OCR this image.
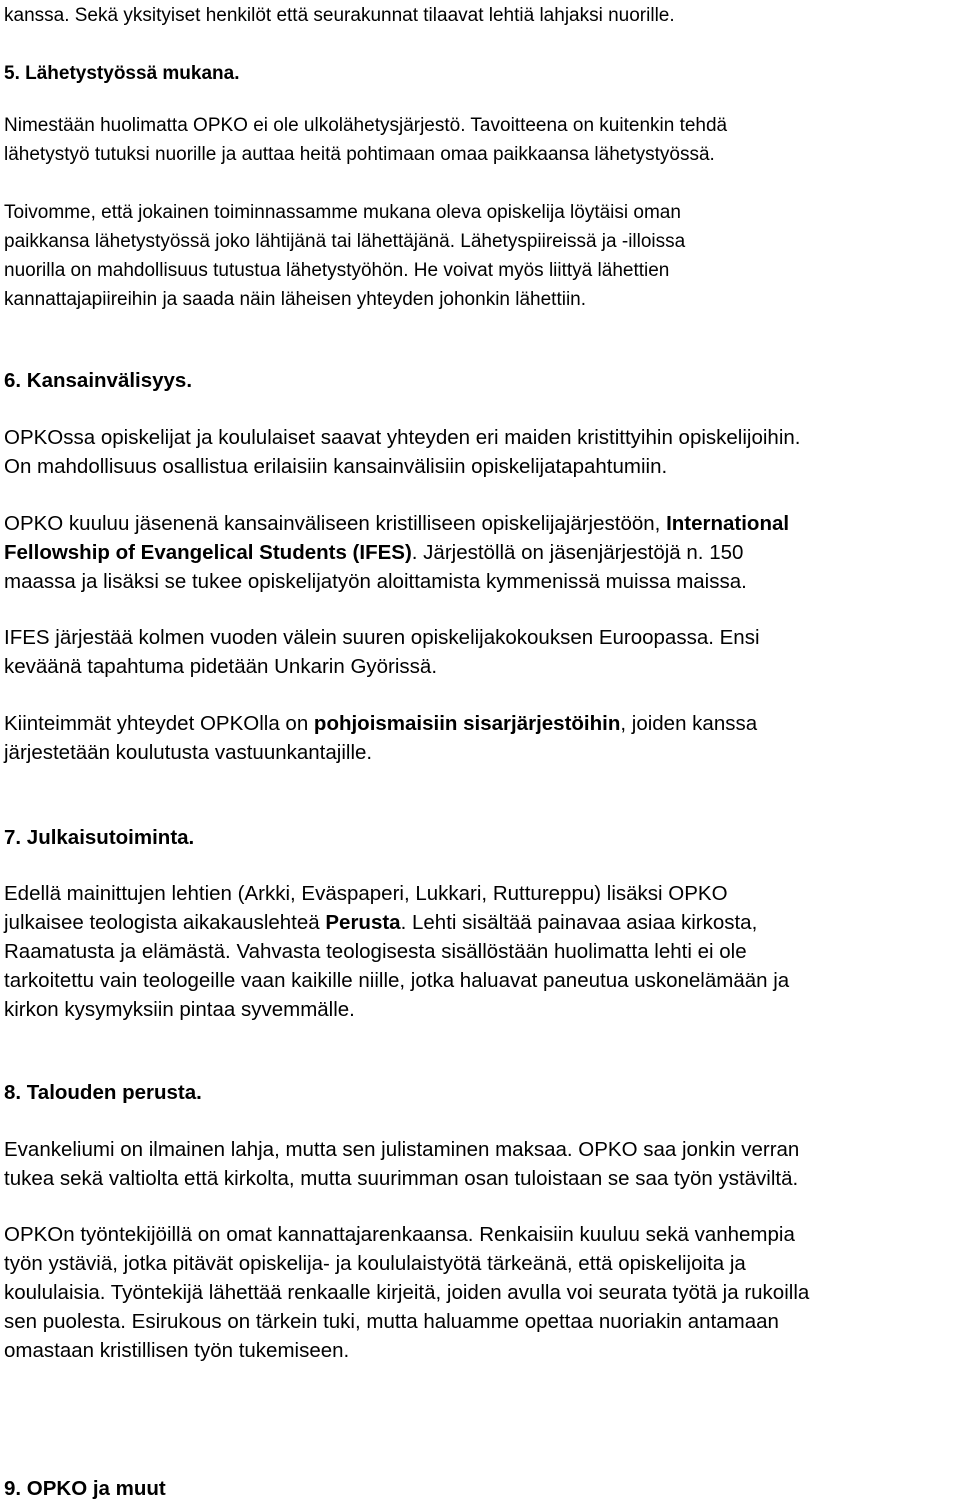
kanssa. Sekä yksityiset henkilöt että seurakunnat tilaavat lehtiä lahjaksi nuorille.

5. Lähetystyössä mukana.

Nimestään huolimatta OPKO ei ole ulkolähetysjärjestö. Tavoitteena on kuitenkin tehdä
lähetystyö tutuksi nuorille ja auttaa heitä pohtimaan omaa paikkaansa lähetystyössä.

Toivomme, että jokainen toiminnassamme mukana oleva opiskelija löytäisi oman
paikkansa lähetystyössä joko lähtijänä tai lähettäjänä. Lähetyspiireissä ja -illoissa
nuorilla on mahdollisuus tutustua lähetystyöhön. He voivat myös liittyä lähettien
kannattajapiireihin ja saada näin läheisen yhteyden johonkin lähettiin.

6. Kansainvälisyys.

OPKOssa opiskelijat ja koululaiset saavat yhteyden eri maiden kristittyihin opiskelijoihin.
On mahdollisuus osallistua erilaisiin kansainvälisiin opiskelijatapahtumiin.

OPKO kuuluu jäsenenä kansainväliseen kristilliseen opiskelijajärjestöön, International
Fellowship of Evangelical Students (IFES). Järjestöllä on jäsenjärjestöjä n. 150
maassa ja lisäksi se tukee opiskelijatyön aloittamista kymmenissä muissa maissa.

IFES järjestää kolmen vuoden välein suuren opiskelijakokouksen Euroopassa. Ensi
keväänä tapahtuma pidetään Unkarin Györissä.

Kiinteimmät yhteydet OPKOlla on pohjoismaisiin sisarjärjestöihin, joiden kanssa
järjestetään koulutusta vastuunkantajille.

7. Julkaisutoiminta.

Edellä mainittujen lehtien (Arkki, Eväspaperi, Lukkari, Ruttureppu) lisäksi OPKO
julkaisee teologista aikakauslehteä Perusta. Lehti sisältää painavaa asiaa kirkosta,
Raamatusta ja elämästä. Vahvasta teologisesta sisällöstään huolimatta lehti ei ole
tarkoitettu vain teologeille vaan kaikille niille, jotka haluavat paneutua uskonelämään ja
kirkon kysymyksiin pintaa syvemmälle.

8. Talouden perusta.

Evankeliumi on ilmainen lahja, mutta sen julistaminen maksaa. OPKO saa jonkin verran
tukea sekä valtiolta että kirkolta, mutta suurimman osan tuloistaan se saa työn ystäviltä.

OPKOn työntekijöillä on omat kannattajarenkaansa. Renkaisiin kuuluu sekä vanhempia
työn ystäviä, jotka pitävät opiskelija- ja koululaistyötä tärkeänä, että opiskelijoita ja
koululaisia. Työntekijä lähettää renkaalle kirjeitä, joiden avulla voi seurata työtä ja rukoilla
sen puolesta. Esirukous on tärkein tuki, mutta haluamme opettaa nuoriakin antamaan
omastaan kristillisen työn tukemiseen.

9. OPKO ja muut
